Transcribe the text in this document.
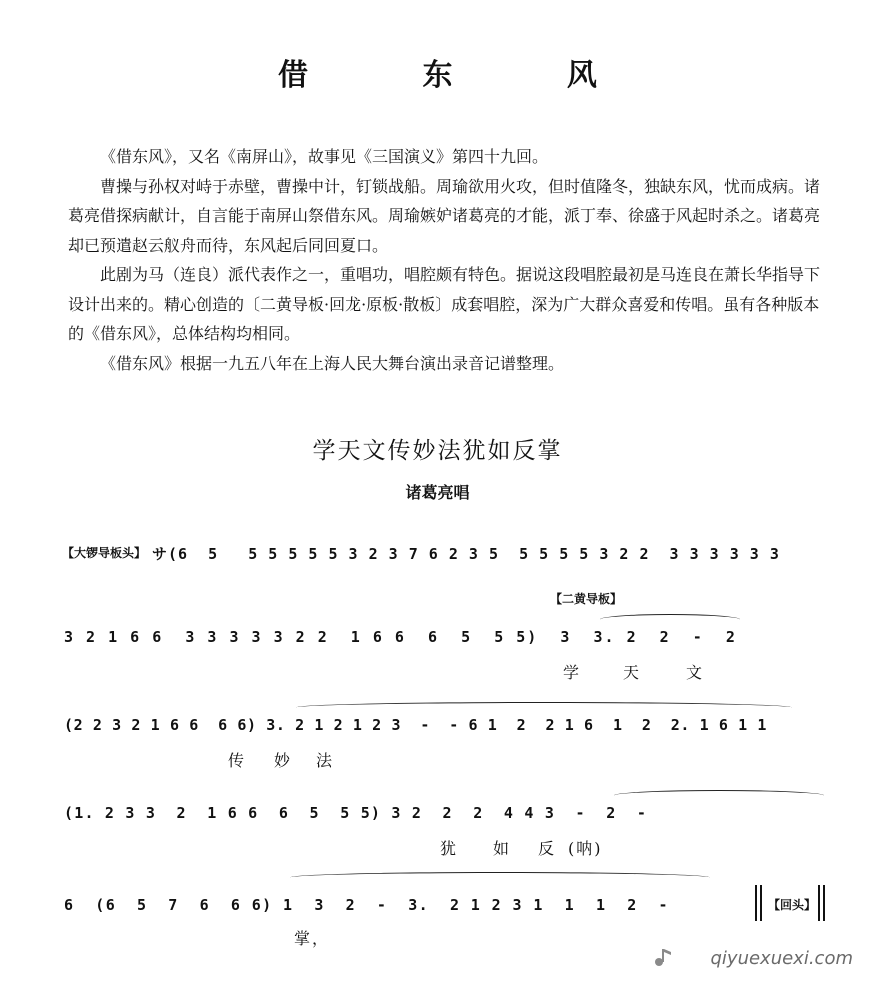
借 东 风

《借东风》，又名《南屏山》，故事见《三国演义》第四十九回。

曹操与孙权对峙于赤壁，曹操中计，钉锁战船。周瑜欲用火攻，但时值隆冬，独缺东风，忧而成病。诸葛亮借探病献计，自言能于南屏山祭借东风。周瑜嫉妒诸葛亮的才能，派丁奉、徐盛于风起时杀之。诸葛亮却已预遣赵云舣舟而待，东风起后同回夏口。

此剧为马（连良）派代表作之一，重唱功，唱腔颇有特色。据说这段唱腔最初是马连良在萧长华指导下设计出来的。精心创造的〔二黄导板·回龙·原板·散板〕成套唱腔，深为广大群众喜爱和传唱。虽有各种版本的《借东风》，总体结构均相同。

《借东风》根据一九五八年在上海人民大舞台演出录音记谱整理。

学天文传妙法犹如反掌
诸葛亮唱
【大锣导板头】 サ(6  5   5 5 5 5 5 3 2 3 7 6 2 3 5  5 5 5 5 3 2 2  3 3 3 3 3 3
【二黄导板】
3 2 1 6 6  3 3 3 3 3 2 2  1 6 6  6  5  5 5)  3  3. 2  2  -  2
学	天	文
(2 2 3 2 1 6 6  6 6) 3. 2 1 2 1 2 3  -  - 6 1  2  2 1 6  1  2  2. 1 6 1 1
传 妙 法
(1. 2 3 3  2  1 6 6  6  5  5 5) 3 2  2  2  4 4 3  -  2  -
犹 如 反 (呐)
6  (6  5  7  6  6 6) 1  3  2  -  3.  2 1 2 3 1  1  1  2  -
掌，
【回头】
qiyuexuexi.com
